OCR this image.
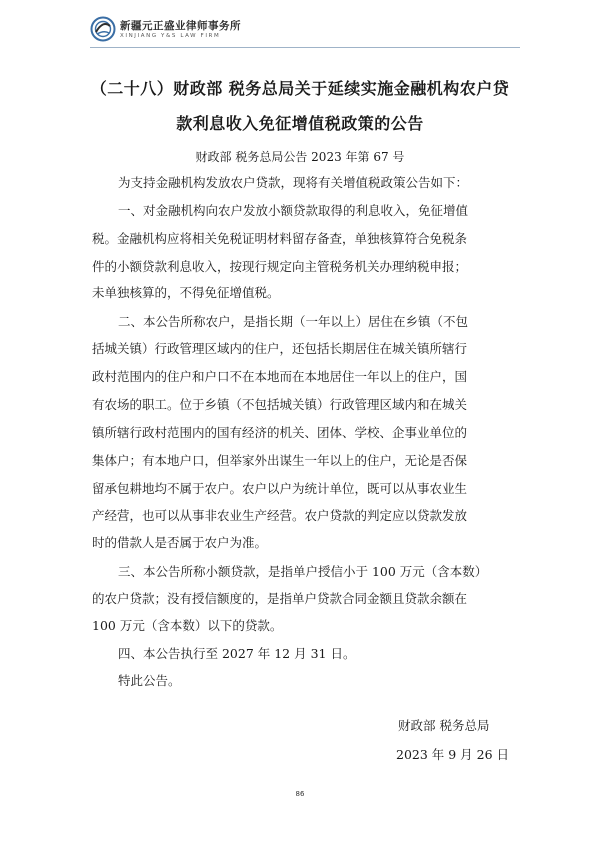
新疆元正盛业律师事务所
XINJIANG Y&S LAW FIRM
（二十八）财政部 税务总局关于延续实施金融机构农户贷
款利息收入免征增值税政策的公告
财政部 税务总局公告 2023 年第 67 号
为支持金融机构发放农户贷款，现将有关增值税政策公告如下：
一、对金融机构向农户发放小额贷款取得的利息收入，免征增值
税。金融机构应将相关免税证明材料留存备查，单独核算符合免税条
件的小额贷款利息收入，按现行规定向主管税务机关办理纳税申报；
未单独核算的，不得免征增值税。
二、本公告所称农户，是指长期（一年以上）居住在乡镇（不包
括城关镇）行政管理区域内的住户，还包括长期居住在城关镇所辖行
政村范围内的住户和户口不在本地而在本地居住一年以上的住户，国
有农场的职工。位于乡镇（不包括城关镇）行政管理区域内和在城关
镇所辖行政村范围内的国有经济的机关、团体、学校、企事业单位的
集体户；有本地户口，但举家外出谋生一年以上的住户，无论是否保
留承包耕地均不属于农户。农户以户为统计单位，既可以从事农业生
产经营，也可以从事非农业生产经营。农户贷款的判定应以贷款发放
时的借款人是否属于农户为准。
三、本公告所称小额贷款，是指单户授信小于 100 万元（含本数）
的农户贷款；没有授信额度的，是指单户贷款合同金额且贷款余额在
100 万元（含本数）以下的贷款。
四、本公告执行至 2027 年 12 月 31 日。
特此公告。
财政部 税务总局
2023 年 9 月 26 日
86
